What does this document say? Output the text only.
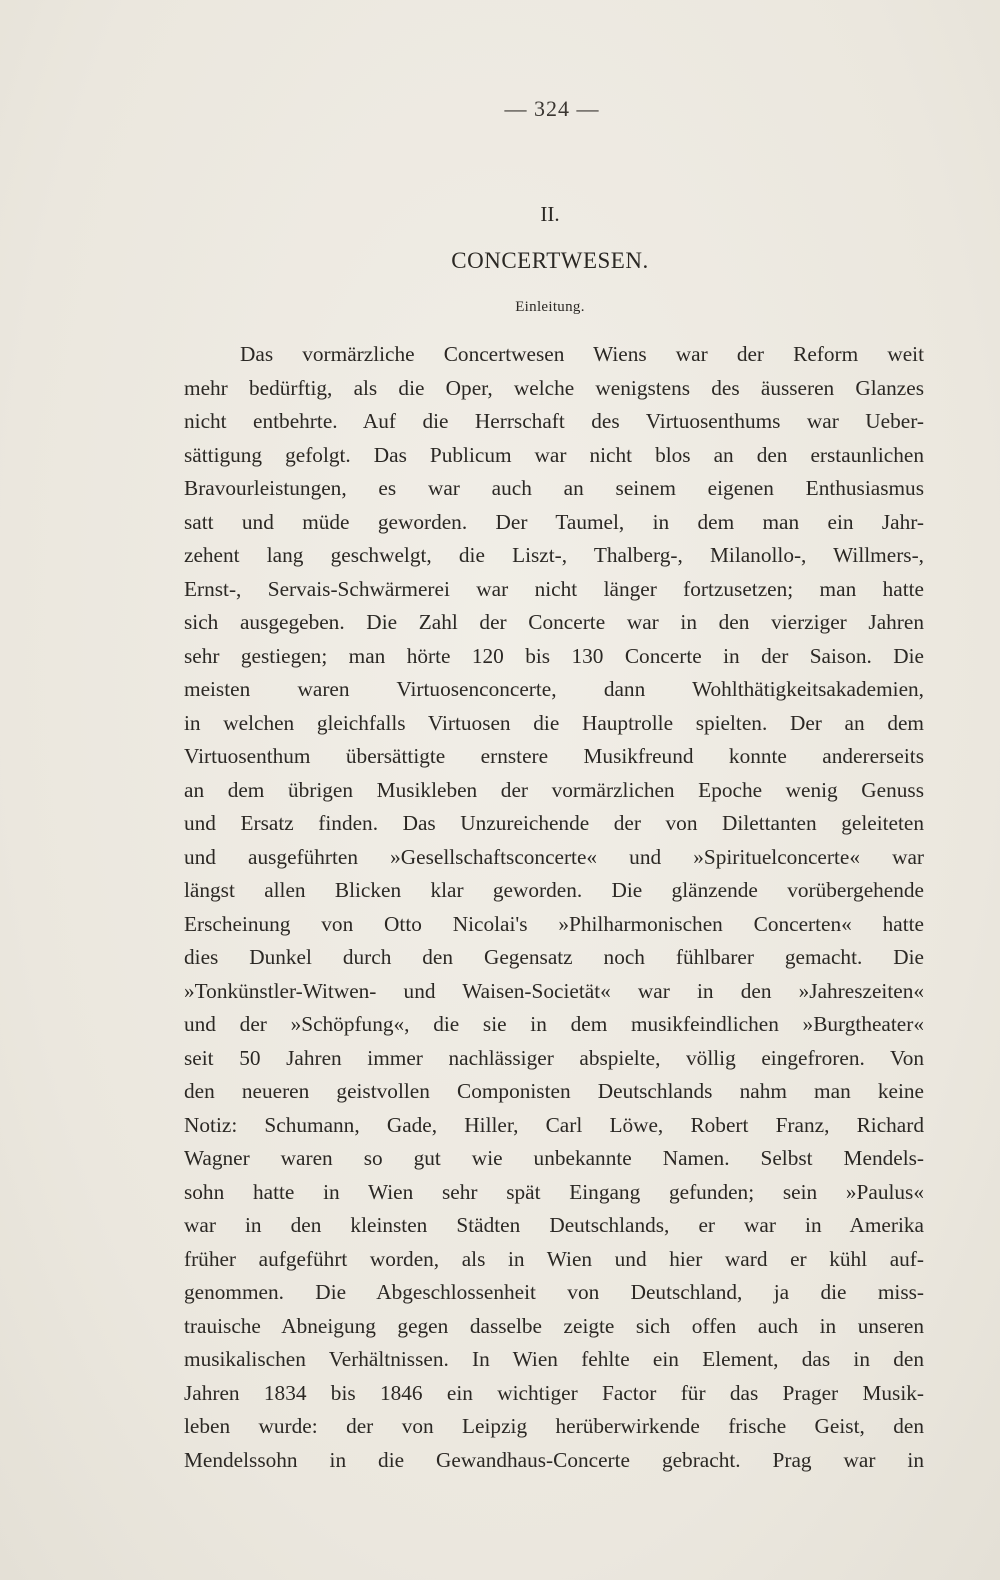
— 324 —
II.
CONCERTWESEN.
Einleitung.
Das vormärzliche Concertwesen Wiens war der Reform weit
mehr bedürftig, als die Oper, welche wenigstens des äusseren Glanzes
nicht entbehrte. Auf die Herrschaft des Virtuosenthums war Ueber-
sättigung gefolgt. Das Publicum war nicht blos an den erstaunlichen
Bravourleistungen, es war auch an seinem eigenen Enthusiasmus
satt und müde geworden. Der Taumel, in dem man ein Jahr-
zehent lang geschwelgt, die Liszt-, Thalberg-, Milanollo-, Willmers-,
Ernst-, Servais-Schwärmerei war nicht länger fortzusetzen; man hatte
sich ausgegeben. Die Zahl der Concerte war in den vierziger Jahren
sehr gestiegen; man hörte 120 bis 130 Concerte in der Saison. Die
meisten waren Virtuosenconcerte, dann Wohlthätigkeitsakademien,
in welchen gleichfalls Virtuosen die Hauptrolle spielten. Der an dem
Virtuosenthum übersättigte ernstere Musikfreund konnte andererseits
an dem übrigen Musikleben der vormärzlichen Epoche wenig Genuss
und Ersatz finden. Das Unzureichende der von Dilettanten geleiteten
und ausgeführten »Gesellschaftsconcerte« und »Spirituelconcerte« war
längst allen Blicken klar geworden. Die glänzende vorübergehende
Erscheinung von Otto Nicolai's »Philharmonischen Concerten« hatte
dies Dunkel durch den Gegensatz noch fühlbarer gemacht. Die
»Tonkünstler-Witwen- und Waisen-Societät« war in den »Jahreszeiten«
und der »Schöpfung«, die sie in dem musikfeindlichen »Burgtheater«
seit 50 Jahren immer nachlässiger abspielte, völlig eingefroren. Von
den neueren geistvollen Componisten Deutschlands nahm man keine
Notiz: Schumann, Gade, Hiller, Carl Löwe, Robert Franz, Richard
Wagner waren so gut wie unbekannte Namen. Selbst Mendels-
sohn hatte in Wien sehr spät Eingang gefunden; sein »Paulus«
war in den kleinsten Städten Deutschlands, er war in Amerika
früher aufgeführt worden, als in Wien und hier ward er kühl auf-
genommen. Die Abgeschlossenheit von Deutschland, ja die miss-
trauische Abneigung gegen dasselbe zeigte sich offen auch in unseren
musikalischen Verhältnissen. In Wien fehlte ein Element, das in den
Jahren 1834 bis 1846 ein wichtiger Factor für das Prager Musik-
leben wurde: der von Leipzig herüberwirkende frische Geist, den
Mendelssohn in die Gewandhaus-Concerte gebracht. Prag war in
